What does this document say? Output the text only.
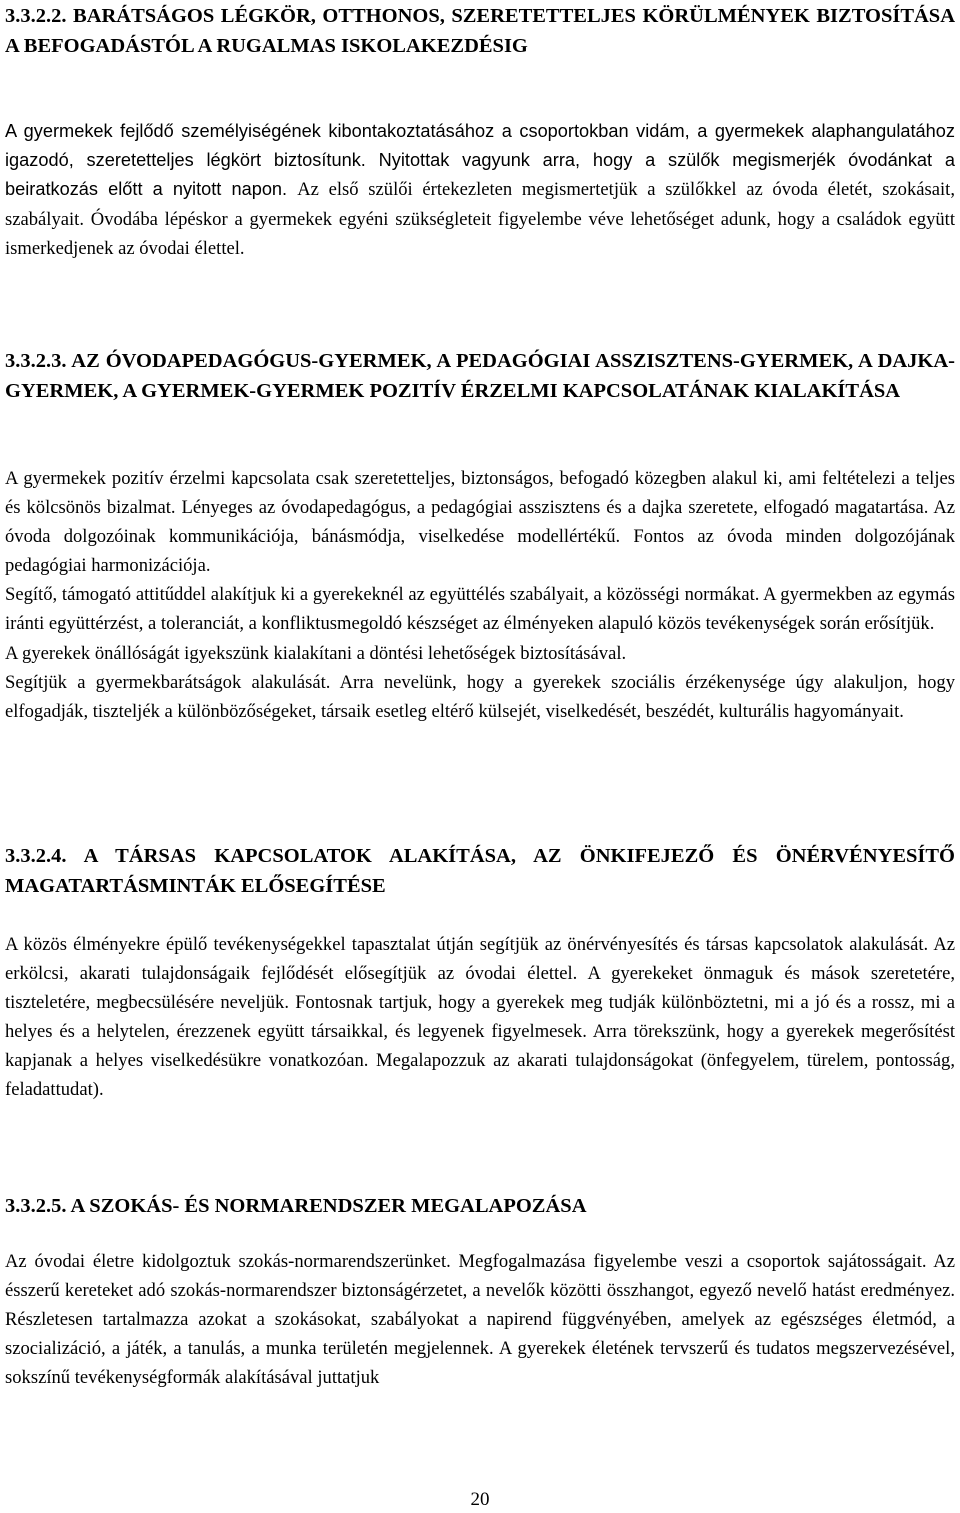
3.3.2.2. BARÁTSÁGOS LÉGKÖR, OTTHONOS, SZERETETTELJES KÖRÜLMÉNYEK BIZTOSÍTÁSA A BEFOGADÁSTÓL A RUGALMAS ISKOLAKEZDÉSIG
A gyermekek fejlődő személyiségének kibontakoztatásához a csoportokban vidám, a gyermekek alaphangulatához igazodó, szeretetteljes légkört biztosítunk. Nyitottak vagyunk arra, hogy a szülők megismerjék óvodánkat a beiratkozás előtt a nyitott napon. Az első szülői értekezleten megismertetjük a szülőkkel az óvoda életét, szokásait, szabályait. Óvodába lépéskor a gyermekek egyéni szükségleteit figyelembe véve lehetőséget adunk, hogy a családok együtt ismerkedjenek az óvodai élettel.
3.3.2.3. AZ ÓVODAPEDAGÓGUS-GYERMEK, A PEDAGÓGIAI ASSZISZTENS-GYERMEK, A DAJKA-GYERMEK, A GYERMEK-GYERMEK POZITÍV ÉRZELMI KAPCSOLATÁNAK KIALAKÍTÁSA
A gyermekek pozitív érzelmi kapcsolata csak szeretetteljes, biztonságos, befogadó közegben alakul ki, ami feltételezi a teljes és kölcsönös bizalmat. Lényeges az óvodapedagógus, a pedagógiai asszisztens és a dajka szeretete, elfogadó magatartása. Az óvoda dolgozóinak kommunikációja, bánásmódja, viselkedése modellértékű. Fontos az óvoda minden dolgozójának pedagógiai harmonizációja.
Segítő, támogató attitűddel alakítjuk ki a gyerekeknél az együttélés szabályait, a közösségi normákat. A gyermekben az egymás iránti együttérzést, a toleranciát, a konfliktusmegoldó készséget az élményeken alapuló közös tevékenységek során erősítjük.
A gyerekek önállóságát igyekszünk kialakítani a döntési lehetőségek biztosításával.
Segítjük a gyermekbarátságok alakulását. Arra nevelünk, hogy a gyerekek szociális érzékenysége úgy alakuljon, hogy elfogadják, tiszteljék a különbözőségeket, társaik esetleg eltérő külsejét, viselkedését, beszédét, kulturális hagyományait.
3.3.2.4. A TÁRSAS KAPCSOLATOK ALAKÍTÁSA, AZ ÖNKIFEJEZŐ ÉS ÖNÉRVÉNYESÍTŐ MAGATARTÁSMINTÁK ELŐSEGÍTÉSE
A közös élményekre épülő tevékenységekkel tapasztalat útján segítjük az önérvényesítés és társas kapcsolatok alakulását. Az erkölcsi, akarati tulajdonságaik fejlődését elősegítjük az óvodai élettel. A gyerekeket önmaguk és mások szeretetére, tiszteletére, megbecsülésére neveljük. Fontosnak tartjuk, hogy a gyerekek meg tudják különböztetni, mi a jó és a rossz, mi a helyes és a helytelen, érezzenek együtt társaikkal, és legyenek figyelmesek. Arra törekszünk, hogy a gyerekek megerősítést kapjanak a helyes viselkedésükre vonatkozóan. Megalapozzuk az akarati tulajdonságokat (önfegyelem, türelem, pontosság, feladattudat).
3.3.2.5. A SZOKÁS- ÉS NORMARENDSZER MEGALAPOZÁSA
Az óvodai életre kidolgoztuk szokás-normarendszerünket. Megfogalmazása figyelembe veszi a csoportok sajátosságait. Az ésszerű kereteket adó szokás-normarendszer biztonságérzetet, a nevelők közötti összhangot, egyező nevelő hatást eredményez. Részletesen tartalmazza azokat a szokásokat, szabályokat a napirend függvényében, amelyek az egészséges életmód, a szocializáció, a játék, a tanulás, a munka területén megjelennek. A gyerekek életének tervszerű és tudatos megszervezésével, sokszínű tevékenységformák alakításával juttatjuk
20
